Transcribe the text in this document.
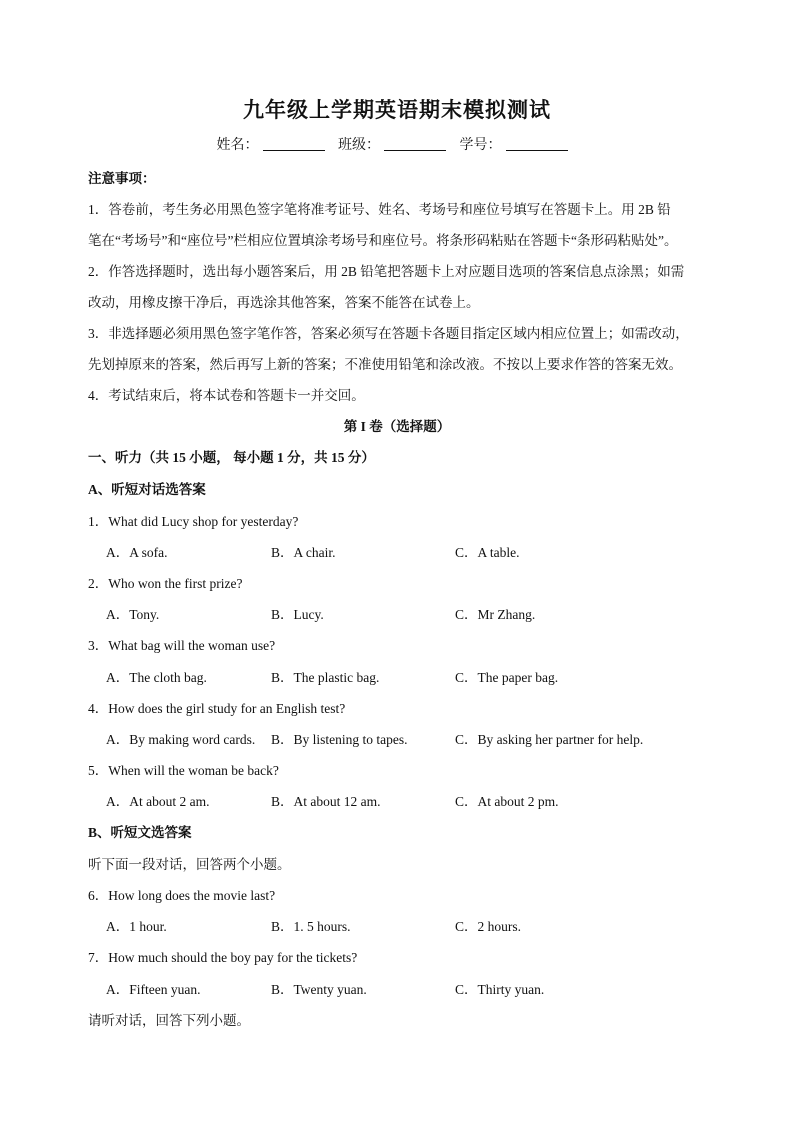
九年级上学期英语期末模拟测试
姓名：	班级：	学号：
注意事项：
1．答卷前，考生务必用黑色签字笔将准考证号、姓名、考场号和座位号填写在答题卡上。用 2B 铅
笔在“考场号”和“座位号”栏相应位置填涂考场号和座位号。将条形码粘贴在答题卡“条形码粘贴处”。
2．作答选择题时，选出每小题答案后，用 2B 铅笔把答题卡上对应题目选项的答案信息点涂黑；如需
改动，用橡皮擦干净后，再选涂其他答案，答案不能答在试卷上。
3．非选择题必须用黑色签字笔作答，答案必须写在答题卡各题目指定区域内相应位置上；如需改动，
先划掉原来的答案，然后再写上新的答案；不准使用铅笔和涂改液。不按以上要求作答的答案无效。
4．考试结束后，将本试卷和答题卡一并交回。
第 I 卷（选择题）
一、听力（共 15 小题， 每小题 1 分，共 15 分）
A、听短对话选答案
1．What did Lucy shop for yesterday?
A．A sofa.	B．A chair.	C．A table.
2．Who won the first prize?
A．Tony.	B．Lucy.	C．Mr Zhang.
3．What bag will the woman use?
A．The cloth bag.	B．The plastic bag.	C．The paper bag.
4．How does the girl study for an English test?
A．By making word cards. B．By listening to tapes.	C．By asking her partner for help.
5．When will the woman be back?
A．At about 2 am.	B．At about 12 am.	C．At about 2 pm.
B、听短文选答案
听下面一段对话，回答两个小题。
6．How long does the movie last?
A．1 hour.	B．1. 5 hours.	C．2 hours.
7．How much should the boy pay for the tickets?
A．Fifteen yuan.	B．Twenty yuan.	C．Thirty yuan.
请听对话，回答下列小题。
